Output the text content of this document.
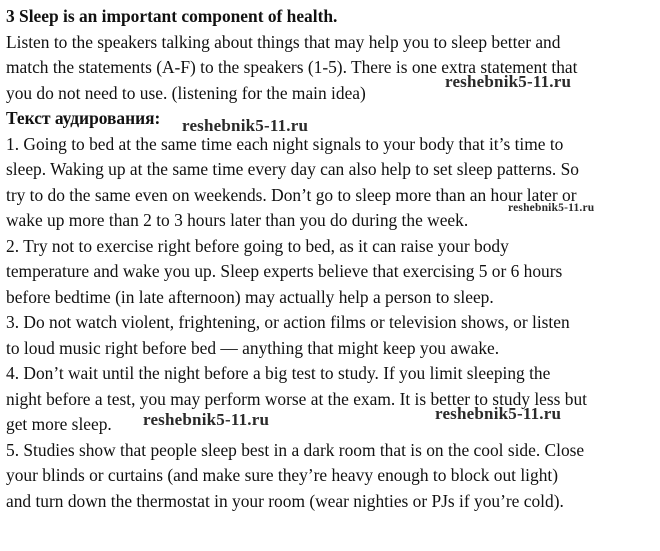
3 Sleep is an important component of health.
Listen to the speakers talking about things that may help you to sleep better and
match the statements (A-F) to the speakers (1-5). There is one extra statement that
you do not need to use. (listening for the main idea)
Текст аудирования:
1. Going to bed at the same time each night signals to your body that it’s time to
sleep. Waking up at the same time every day can also help to set sleep patterns. So
try to do the same even on weekends. Don’t go to sleep more than an hour later or
wake up more than 2 to 3 hours later than you do during the week.
2. Try not to exercise right before going to bed, as it can raise your body
temperature and wake you up. Sleep experts believe that exercising 5 or 6 hours
before bedtime (in late afternoon) may actually help a person to sleep.
3. Do not watch violent, frightening, or action films or television shows, or listen
to loud music right before bed — anything that might keep you awake.
4. Don’t wait until the night before a big test to study. If you limit sleeping the
night before a test, you may perform worse at the exam. It is better to study less but
get more sleep.
5. Studies show that people sleep best in a dark room that is on the cool side. Close
your blinds or curtains (and make sure they’re heavy enough to block out light)
and turn down the thermostat in your room (wear nighties or PJs if you’re cold).
reshebnik5-11.ru
reshebnik5-11.ru
reshebnik5-11.ru
reshebnik5-11.ru	reshebnik5-11.ru
